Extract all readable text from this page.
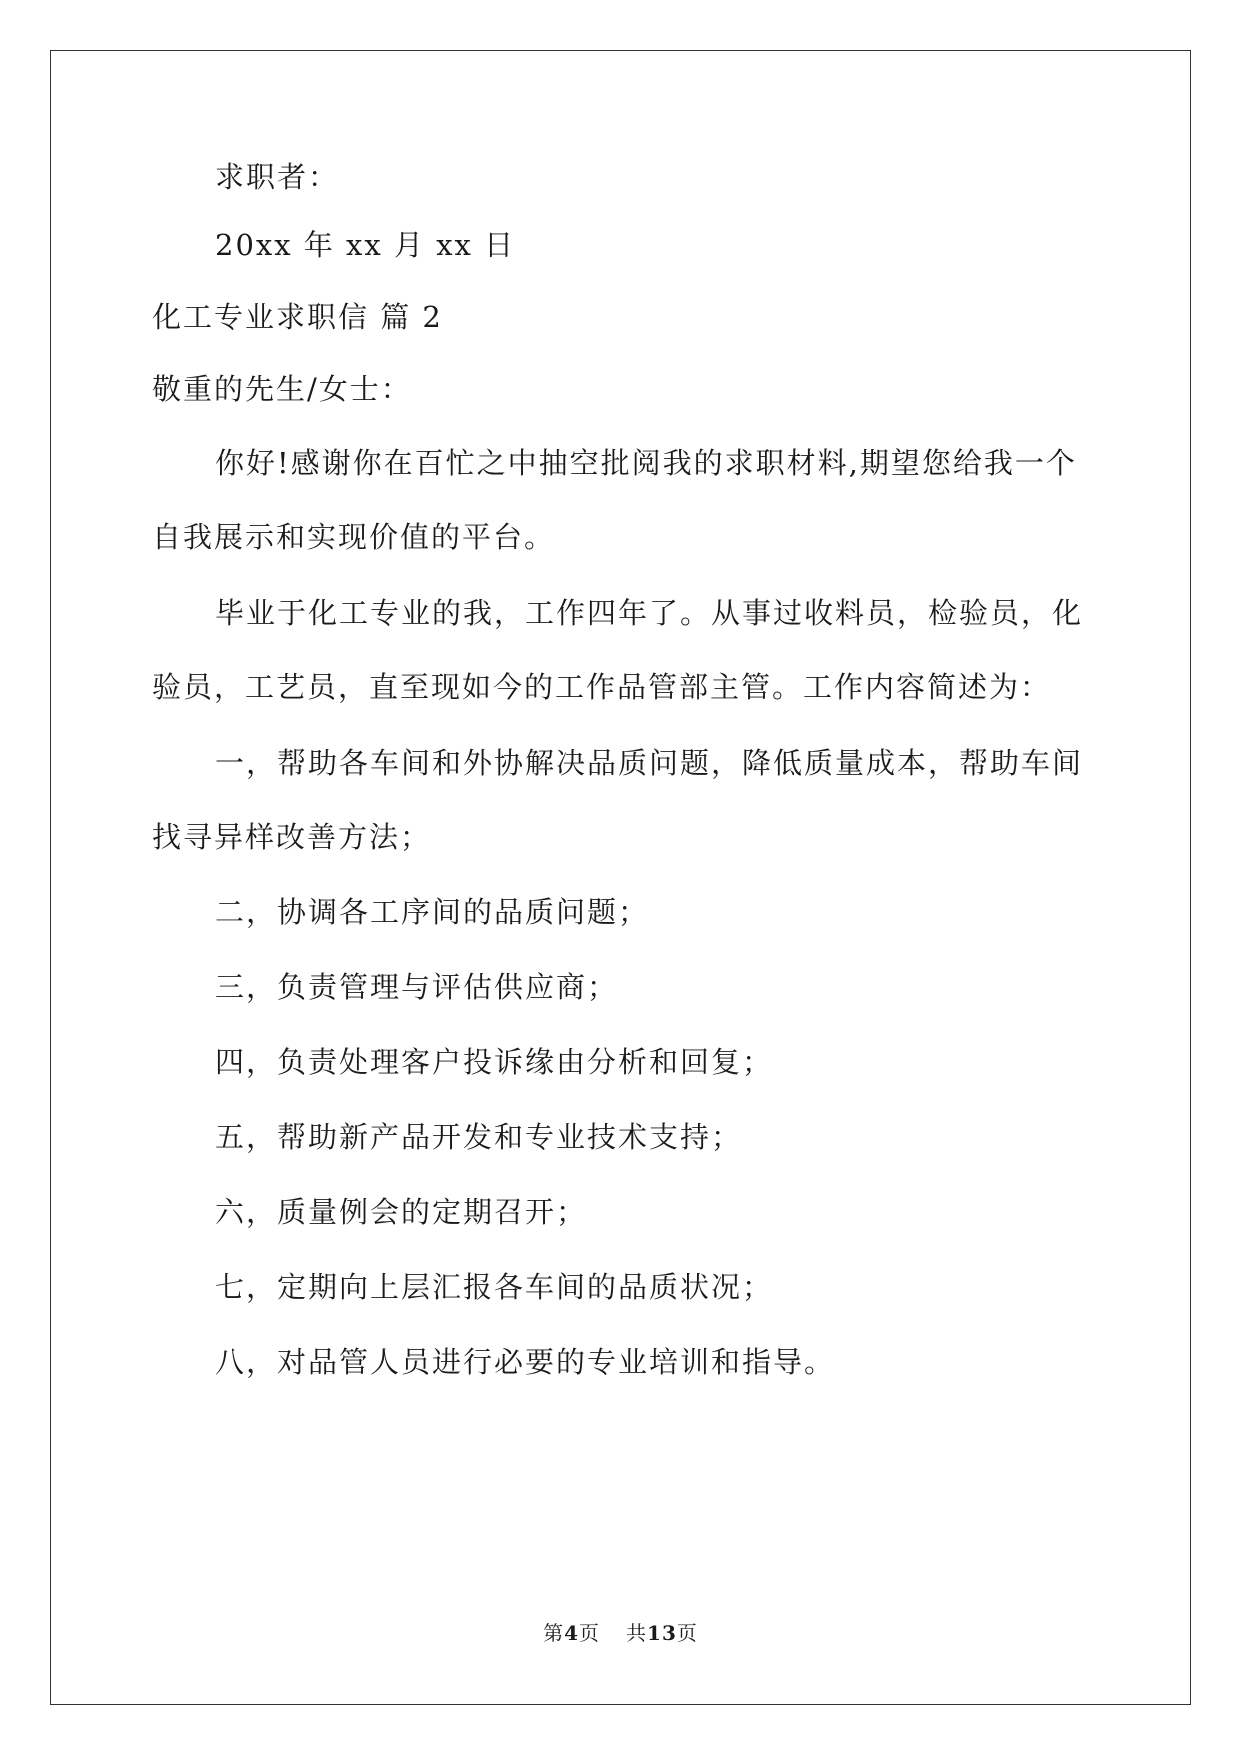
求职者：
20xx 年 xx 月 xx 日
化工专业求职信 篇 2
敬重的先生/女士：
你好!感谢你在百忙之中抽空批阅我的求职材料,期望您给我一个
自我展示和实现价值的平台。
毕业于化工专业的我，工作四年了。从事过收料员，检验员，化
验员，工艺员，直至现如今的工作品管部主管。工作内容简述为：
一，帮助各车间和外协解决品质问题，降低质量成本，帮助车间
找寻异样改善方法；
二，协调各工序间的品质问题；
三，负责管理与评估供应商；
四，负责处理客户投诉缘由分析和回复；
五，帮助新产品开发和专业技术支持；
六，质量例会的定期召开；
七，定期向上层汇报各车间的品质状况；
八，对品管人员进行必要的专业培训和指导。
第4页 共13页
